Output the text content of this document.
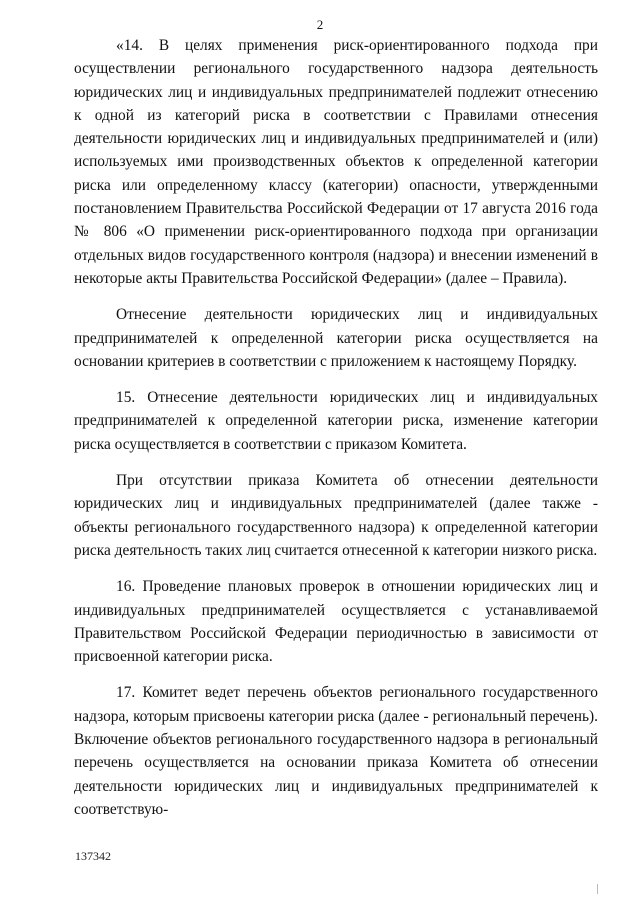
2

«14. В целях применения риск-ориентированного подхода при осуществлении регионального государственного надзора деятельность юридических лиц и индивидуальных предпринимателей подлежит отнесению к одной из категорий риска в соответствии с Правилами отнесения деятельности юридических лиц и индивидуальных предпринимателей и (или) используемых ими производственных объектов к определенной категории риска или определенному классу (категории) опасности, утвержденными постановлением Правительства Российской Федерации от 17 августа 2016 года № 806 «О применении риск-ориентированного подхода при организации отдельных видов государственного контроля (надзора) и внесении изменений в некоторые акты Правительства Российской Федерации» (далее – Правила).

Отнесение деятельности юридических лиц и индивидуальных предпринимателей к определенной категории риска осуществляется на основании критериев в соответствии с приложением к настоящему Порядку.

15. Отнесение деятельности юридических лиц и индивидуальных предпринимателей к определенной категории риска, изменение категории риска осуществляется в соответствии с приказом Комитета.

При отсутствии приказа Комитета об отнесении деятельности юридических лиц и индивидуальных предпринимателей (далее также - объекты регионального государственного надзора) к определенной категории риска деятельность таких лиц считается отнесенной к категории низкого риска.

16. Проведение плановых проверок в отношении юридических лиц и индивидуальных предпринимателей осуществляется с устанавливаемой Правительством Российской Федерации периодичностью в зависимости от присвоенной категории риска.

17. Комитет ведет перечень объектов регионального государственного надзора, которым присвоены категории риска (далее - региональный перечень). Включение объектов регионального государственного надзора в региональный перечень осуществляется на основании приказа Комитета об отнесении деятельности юридических лиц и индивидуальных предпринимателей к соответствую-

137342
